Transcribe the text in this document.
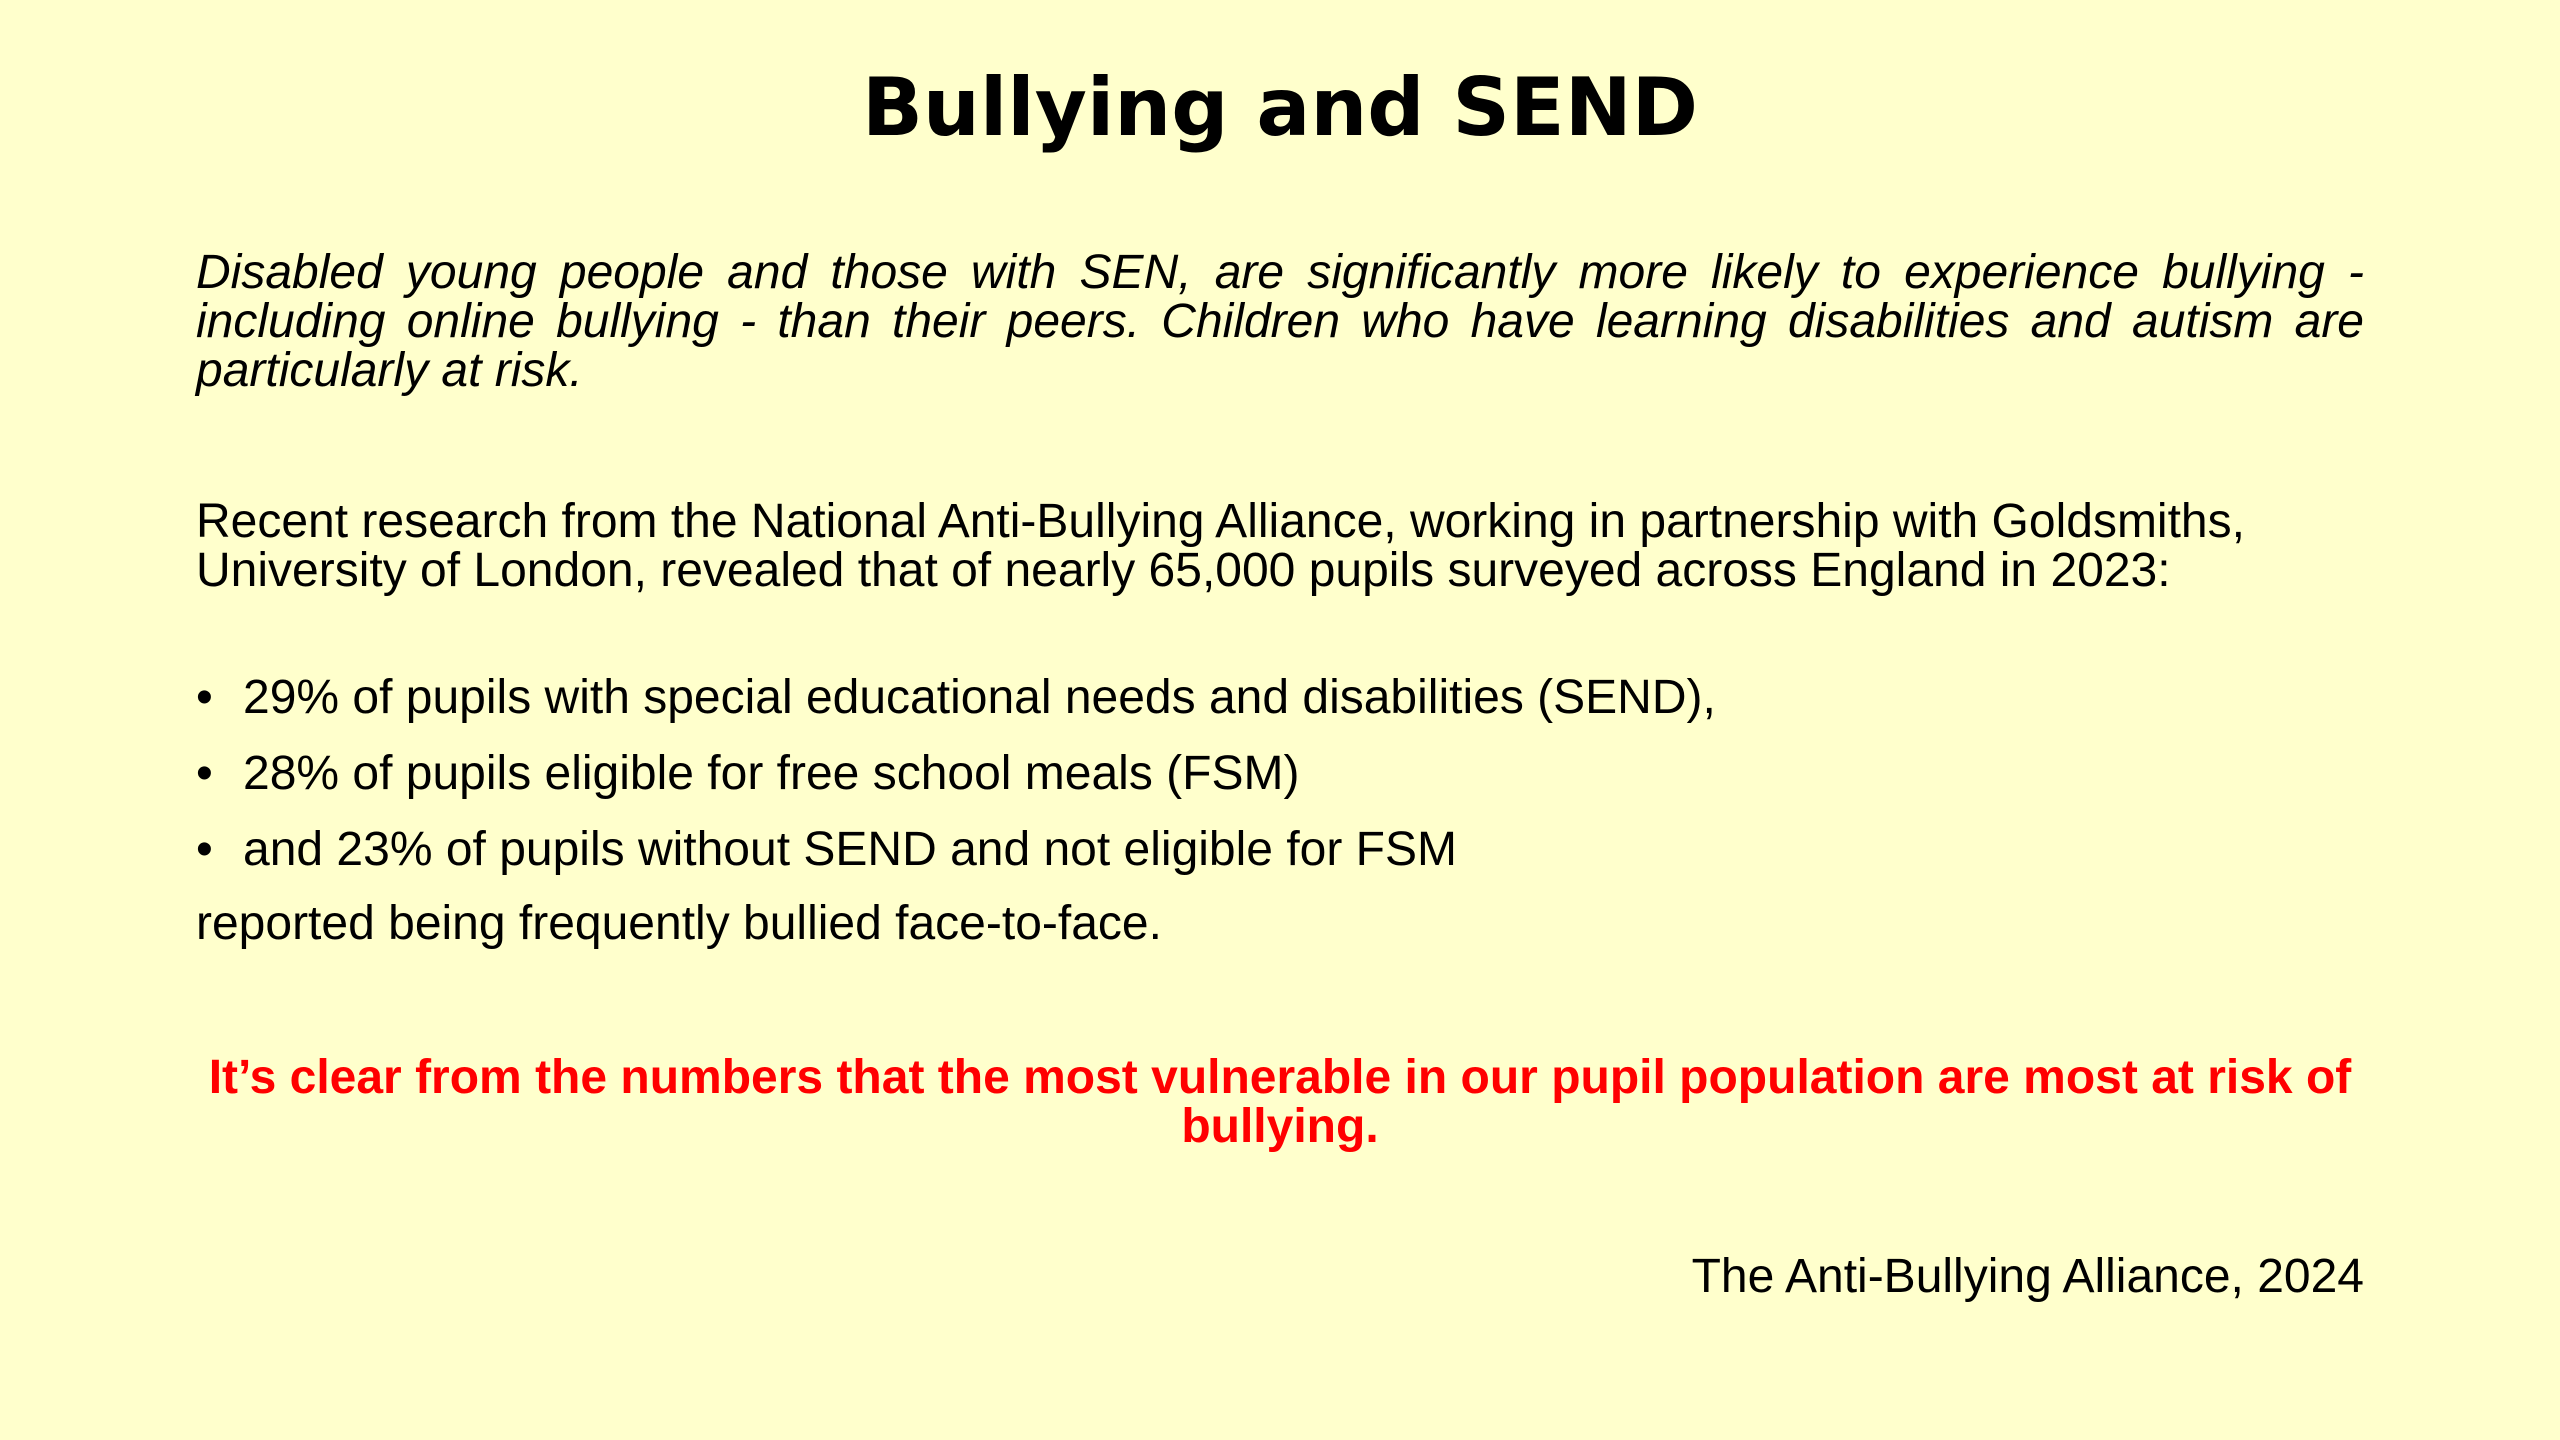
Bullying and SEND

Disabled young people and those with SEN, are significantly more likely to experience bullying - including online bullying - than their peers. Children who have learning disabilities and autism are particularly at risk.

Recent research from the National Anti-Bullying Alliance, working in partnership with Goldsmiths, University of London, revealed that of nearly 65,000 pupils surveyed across England in 2023:

• 29% of pupils with special educational needs and disabilities (SEND),
• 28% of pupils eligible for free school meals (FSM)
• and 23% of pupils without SEND and not eligible for FSM

reported being frequently bullied face-to-face.

It’s clear from the numbers that the most vulnerable in our pupil population are most at risk of bullying.

The Anti-Bullying Alliance, 2024
